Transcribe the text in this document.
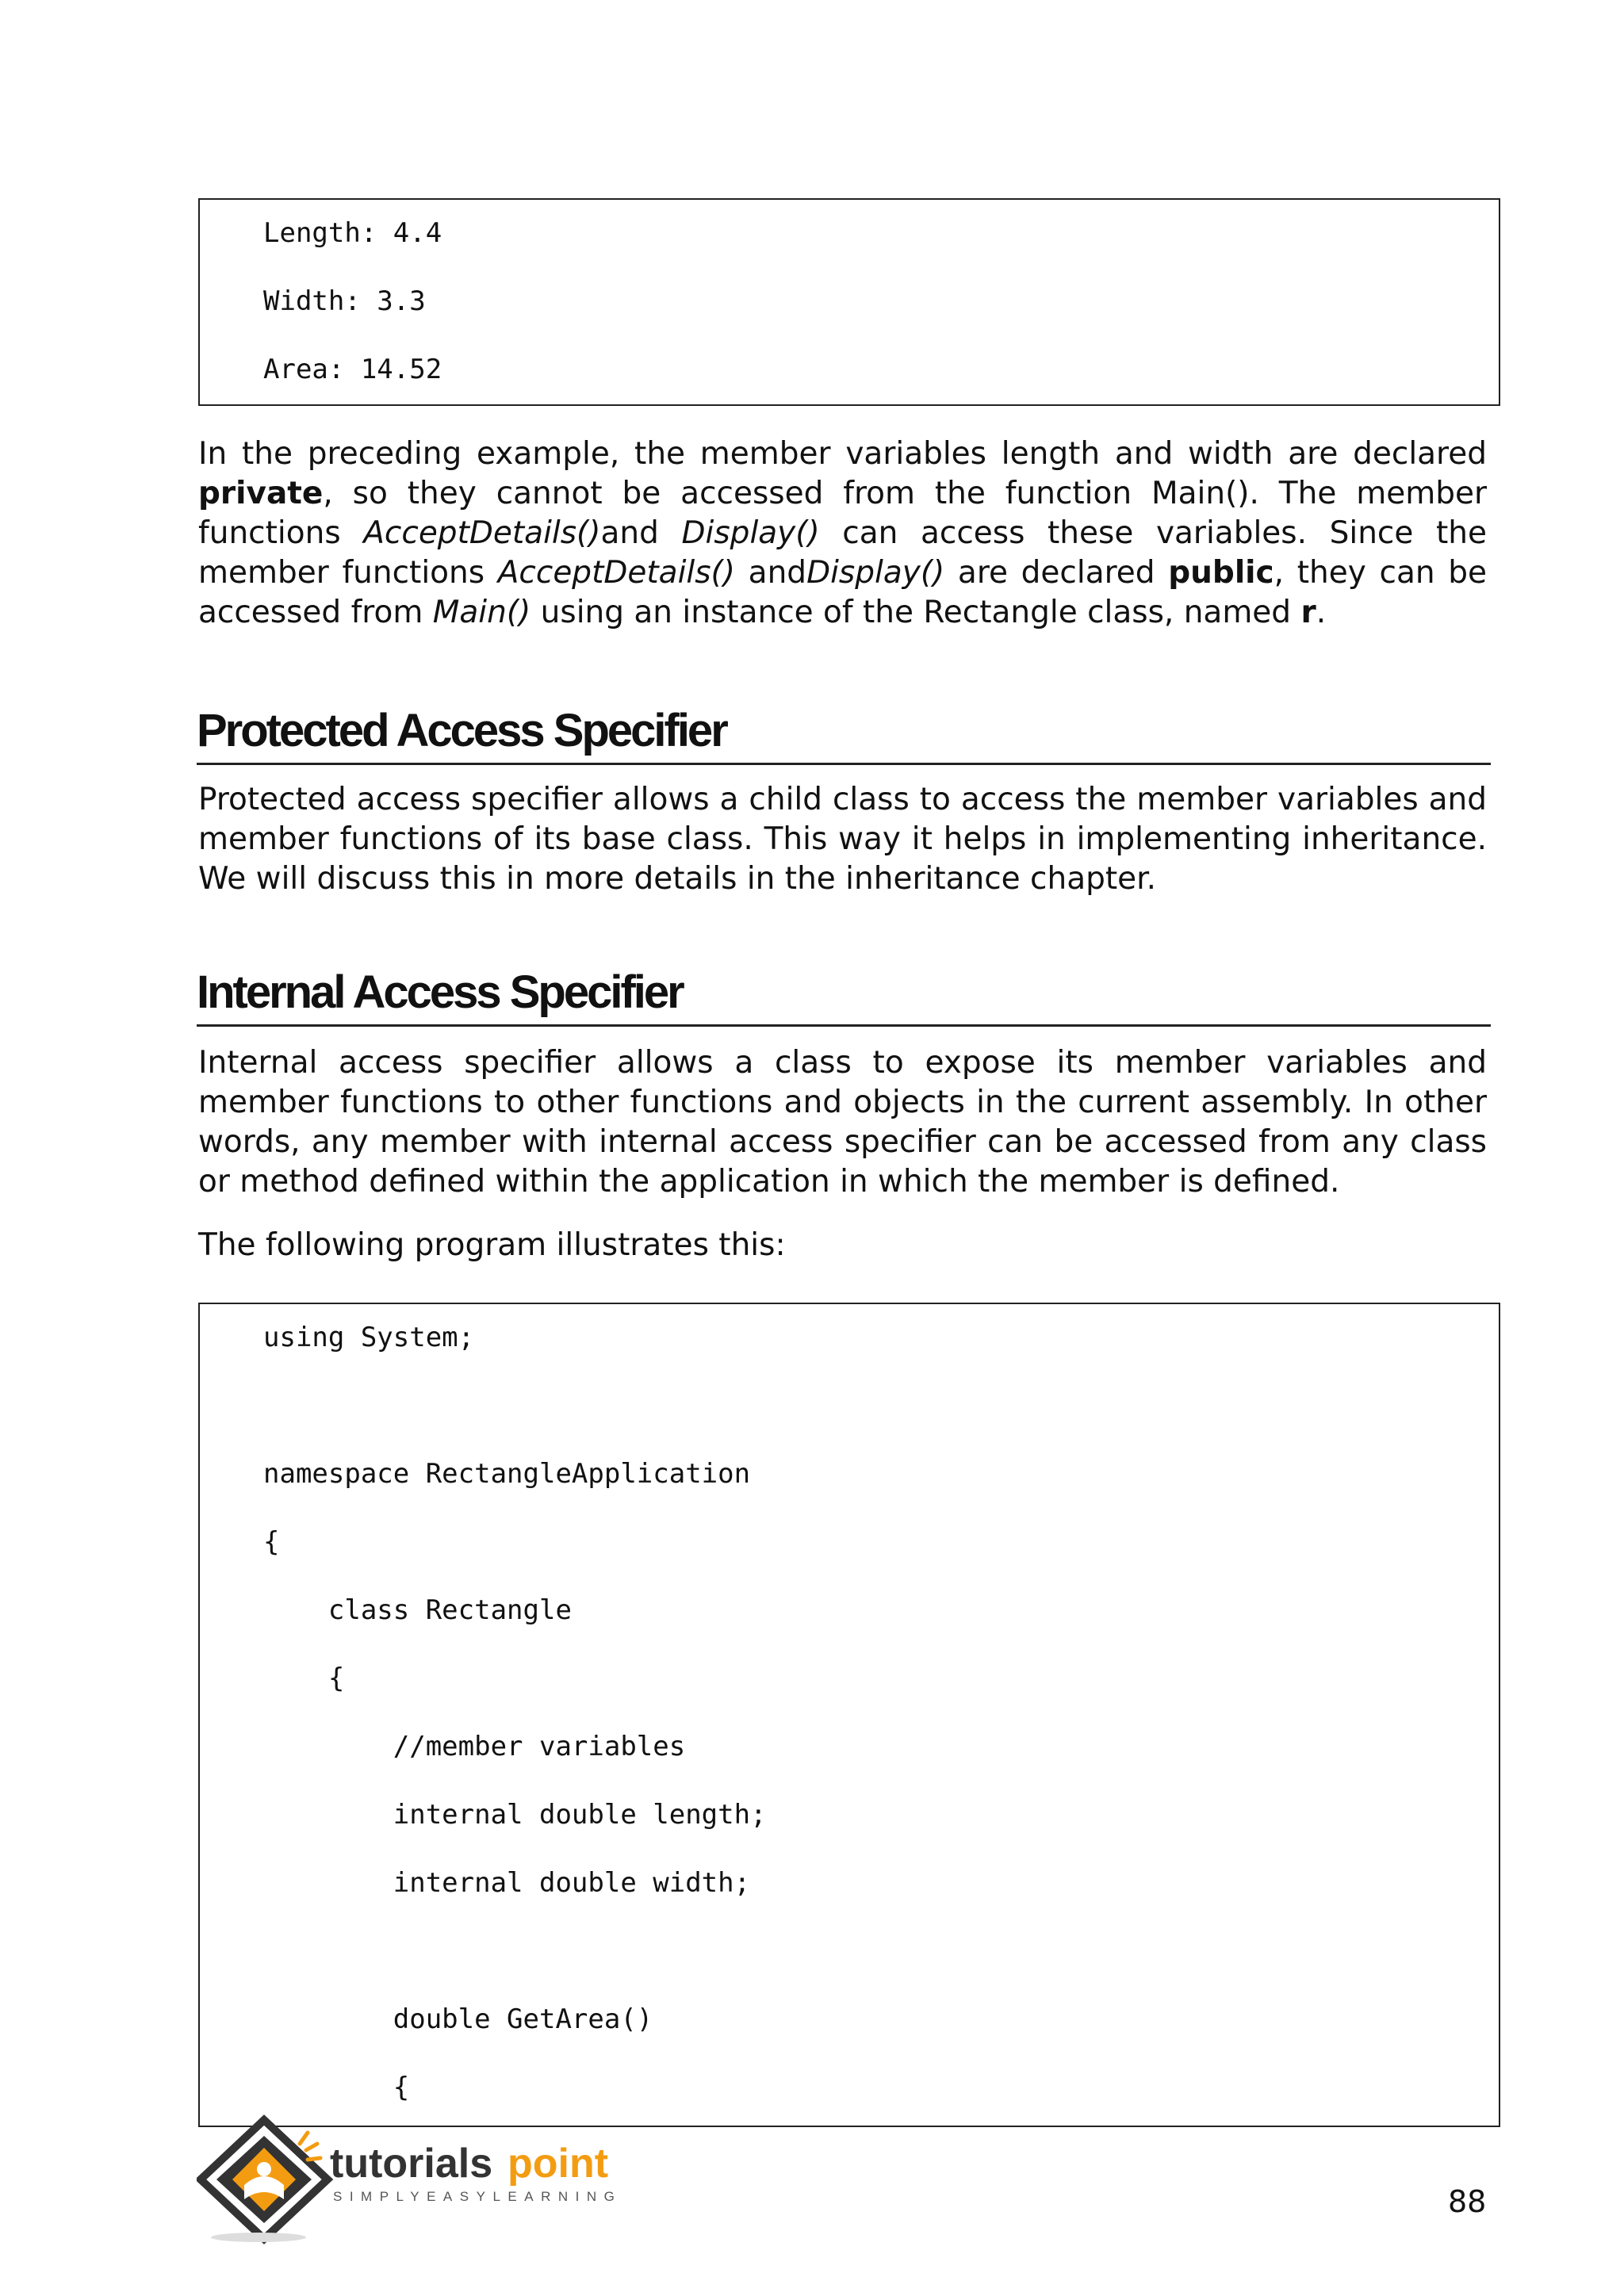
Length: 4.4
Width: 3.3
Area: 14.52

In the preceding example, the member variables length and width are declared private, so they cannot be accessed from the function Main(). The member functions AcceptDetails()and Display() can access these variables. Since the member functions AcceptDetails() andDisplay() are declared public, they can be accessed from Main() using an instance of the Rectangle class, named r.

Protected Access Specifier

Protected access specifier allows a child class to access the member variables and member functions of its base class. This way it helps in implementing inheritance. We will discuss this in more details in the inheritance chapter.

Internal Access Specifier

Internal access specifier allows a class to expose its member variables and member functions to other functions and objects in the current assembly. In other words, any member with internal access specifier can be accessed from any class or method defined within the application in which the member is defined.

The following program illustrates this:

using System;
namespace RectangleApplication
{
class Rectangle
{
//member variables
internal double length;
internal double width;
double GetArea()
{
tutorials point
SIMPLYEASYLEARNING	88
